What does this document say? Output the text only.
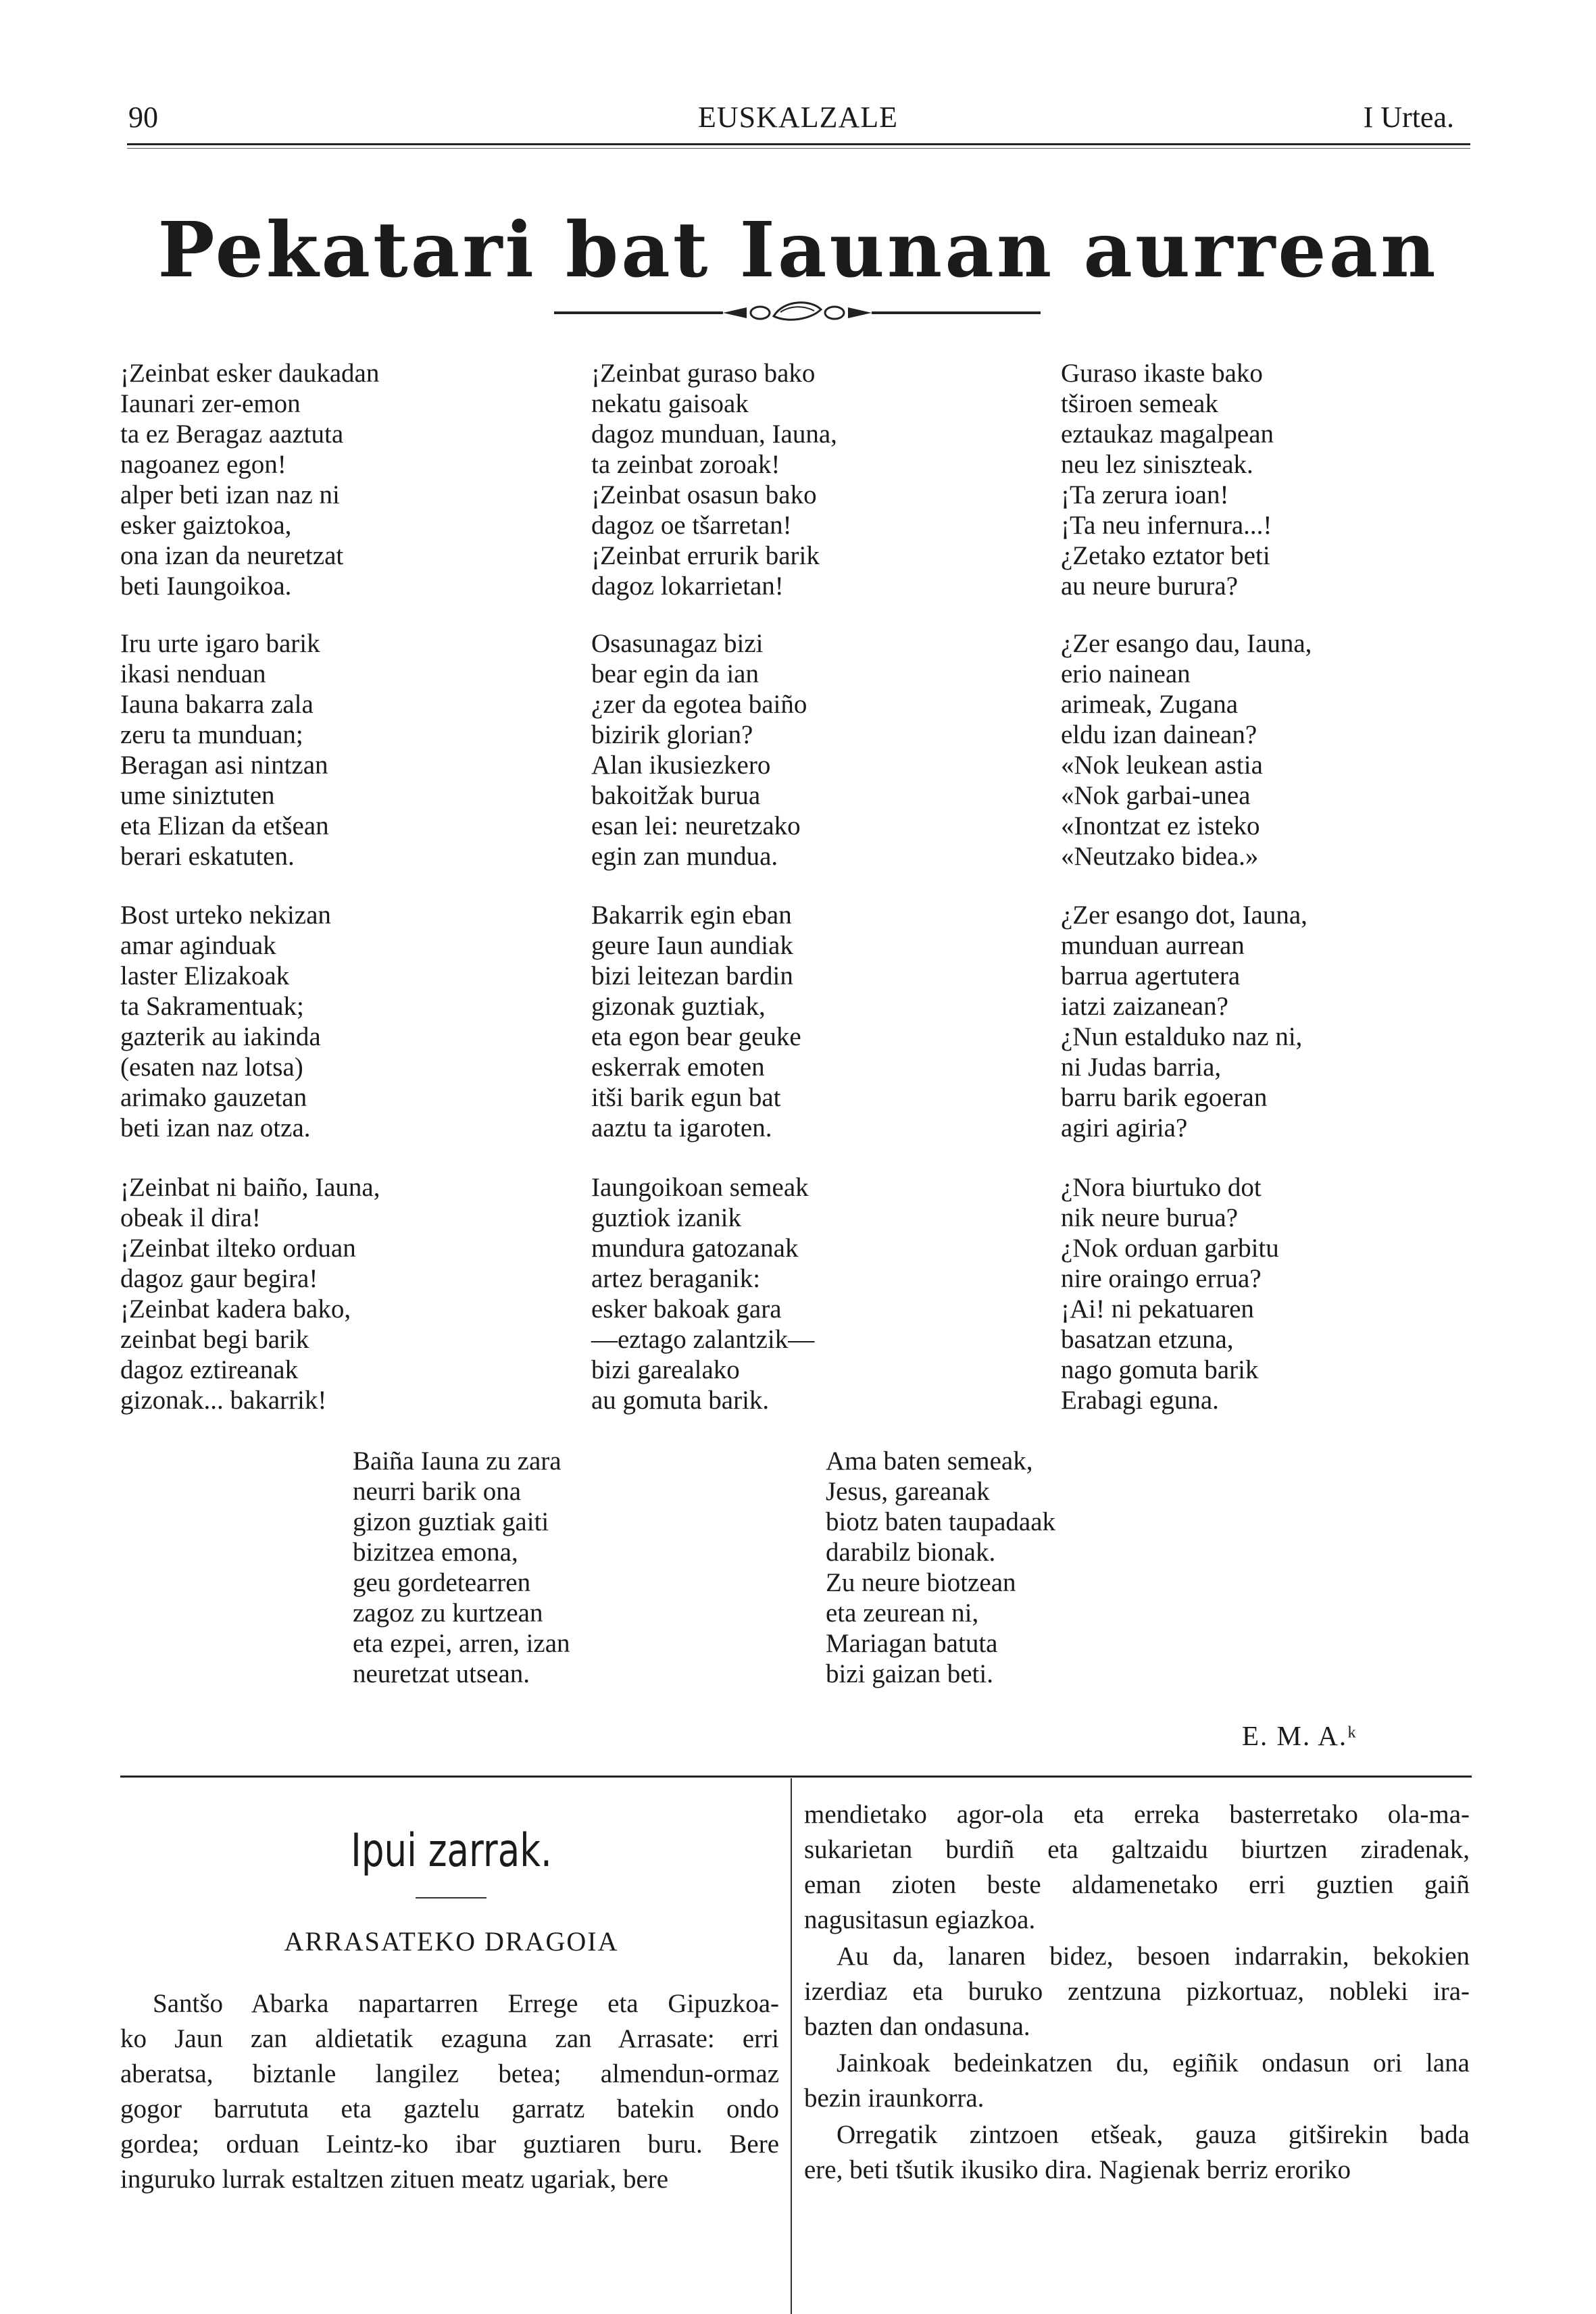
90	EUSKALZALE	I Urtea.
Pekatari bat Iaunan aurrean
¡Zeinbat esker daukadan
Iaunari zer-emon
ta ez Beragaz aaztuta
nagoanez egon!
alper beti izan naz ni
esker gaiztokoa,
ona izan da neuretzat
beti Iaungoikoa.
Iru urte igaro barik
ikasi nenduan
Iauna bakarra zala
zeru ta munduan;
Beragan asi nintzan
ume siniztuten
eta Elizan da etšean
berari eskatuten.
Bost urteko nekizan
amar aginduak
laster Elizakoak
ta Sakramentuak;
gazterik au iakinda
(esaten naz lotsa)
arimako gauzetan
beti izan naz otza.
¡Zeinbat ni baiño, Iauna,
obeak il dira!
¡Zeinbat ilteko orduan
dagoz gaur begira!
¡Zeinbat kadera bako,
zeinbat begi barik
dagoz eztireanak
gizonak... bakarrik!
¡Zeinbat guraso bako
nekatu gaisoak
dagoz munduan, Iauna,
ta zeinbat zoroak!
¡Zeinbat osasun bako
dagoz oe tšarretan!
¡Zeinbat errurik barik
dagoz lokarrietan!
Osasunagaz bizi
bear egin da ian
¿zer da egotea baiño
bizirik glorian?
Alan ikusiezkero
bakoitžak burua
esan lei: neuretzako
egin zan mundua.
Bakarrik egin eban
geure Iaun aundiak
bizi leitezan bardin
gizonak guztiak,
eta egon bear geuke
eskerrak emoten
itši barik egun bat
aaztu ta igaroten.
Iaungoikoan semeak
guztiok izanik
mundura gatozanak
artez beraganik:
esker bakoak gara
—eztago zalantzik—
bizi garealako
au gomuta barik.
Guraso ikaste bako
tširoen semeak
eztaukaz magalpean
neu lez siniszteak.
¡Ta zerura ioan!
¡Ta neu infernura...!
¿Zetako eztator beti
au neure burura?
¿Zer esango dau, Iauna,
erio nainean
arimeak, Zugana
eldu izan dainean?
«Nok leukean astia
«Nok garbai-unea
«Inontzat ez isteko
«Neutzako bidea.»
¿Zer esango dot, Iauna,
munduan aurrean
barrua agertutera
iatzi zaizanean?
¿Nun estalduko naz ni,
ni Judas barria,
barru barik egoeran
agiri agiria?
¿Nora biurtuko dot
nik neure burua?
¿Nok orduan garbitu
nire oraingo errua?
¡Ai! ni pekatuaren
basatzan etzuna,
nago gomuta barik
Erabagi eguna.
Baiña Iauna zu zara
neurri barik ona
gizon guztiak gaiti
bizitzea emona,
geu gordetearren
zagoz zu kurtzean
eta ezpei, arren, izan
neuretzat utsean.
Ama baten semeak,
Jesus, gareanak
biotz baten taupadaak
darabilz bionak.
Zu neure biotzean
eta zeurean ni,
Mariagan batuta
bizi gaizan beti.
E. M. A.ᵏ
Ipui zarrak.
ARRASATEKO DRAGOIA
Santšo Abarka napartarren Errege eta Gipuzkoa-
ko Jaun zan aldietatik ezaguna zan Arrasate: erri
aberatsa, biztanle langilez betea; almendun-ormaz
gogor barrututa eta gaztelu garratz batekin ondo
gordea; orduan Leintz-ko ibar guztiaren buru. Bere
inguruko lurrak estaltzen zituen meatz ugariak, bere
mendietako agor-ola eta erreka basterretako ola-ma-
sukarietan burdiñ eta galtzaidu biurtzen ziradenak,
eman zioten beste aldamenetako erri guztien gaiñ
nagusitasun egiazkoa.
Au da, lanaren bidez, besoen indarrakin, bekokien
izerdiaz eta buruko zentzuna pizkortuaz, nobleki ira-
bazten dan ondasuna.
Jainkoak bedeinkatzen du, egiñik ondasun ori lana
bezin iraunkorra.
Orregatik zintzoen etšeak, gauza gitširekin bada
ere, beti tšutik ikusiko dira. Nagienak berriz eroriko
